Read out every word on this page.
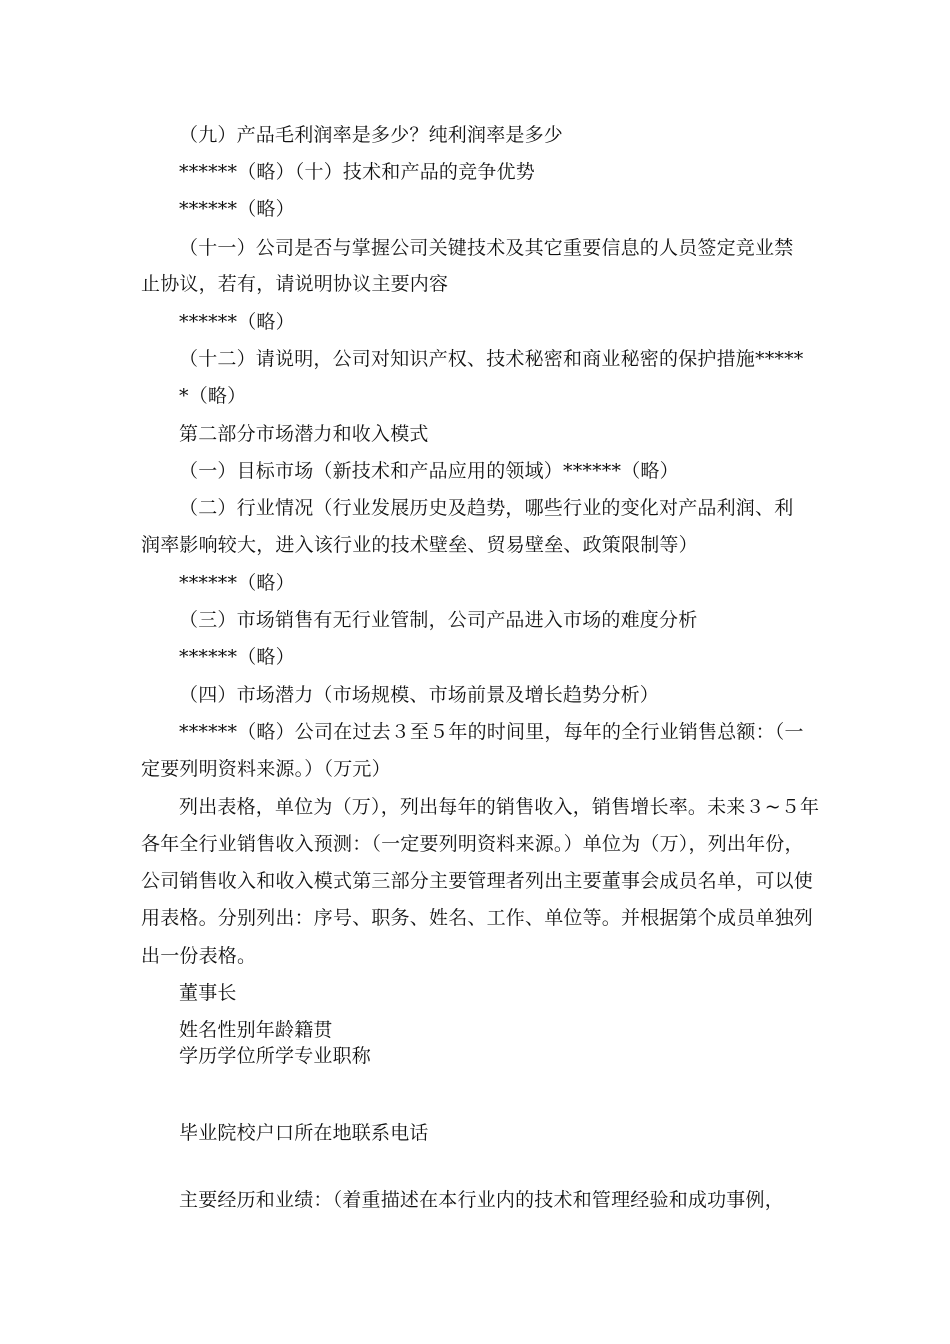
（九）产品毛利润率是多少？纯利润率是多少
******（略）（十）技术和产品的竞争优势
******（略）
（十一）公司是否与掌握公司关键技术及其它重要信息的人员签定竞业禁
止协议，若有，请说明协议主要内容
******（略）
（十二）请说明，公司对知识产权、技术秘密和商业秘密的保护措施*****
*（略）
第二部分市场潜力和收入模式
（一）目标市场（新技术和产品应用的领域）******（略）
（二）行业情况（行业发展历史及趋势，哪些行业的变化对产品利润、利
润率影响较大，进入该行业的技术壁垒、贸易壁垒、政策限制等）
******（略）
（三）市场销售有无行业管制，公司产品进入市场的难度分析
******（略）
（四）市场潜力（市场规模、市场前景及增长趋势分析）
******（略）公司在过去３至５年的时间里，每年的全行业销售总额：（一
定要列明资料来源。）（万元）
列出表格，单位为（万），列出每年的销售收入，销售增长率。未来３~５年
各年全行业销售收入预测：（一定要列明资料来源。）单位为（万），列出年份，
公司销售收入和收入模式第三部分主要管理者列出主要董事会成员名单，可以使
用表格。分别列出：序号、职务、姓名、工作、单位等。并根据第个成员单独列
出一份表格。
董事长
姓名性别年龄籍贯
学历学位所学专业职称
毕业院校户口所在地联系电话
主要经历和业绩：（着重描述在本行业内的技术和管理经验和成功事例，
